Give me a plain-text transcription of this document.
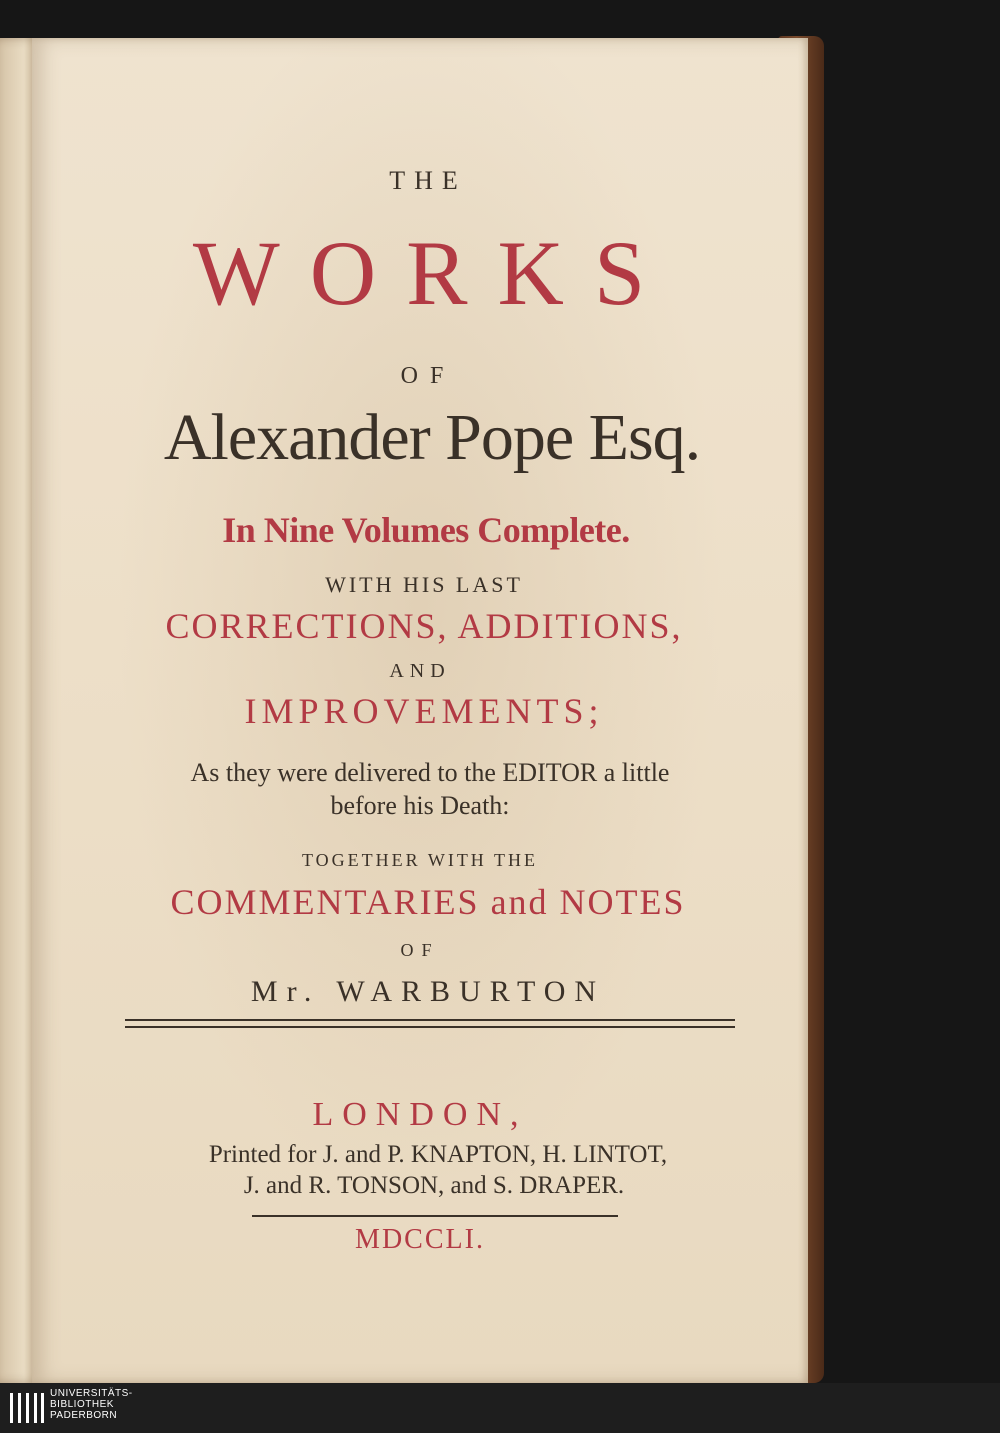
THE
WORKS
OF
Alexander Pope Esq.
In Nine Volumes Complete.
WITH HIS LAST
CORRECTIONS, ADDITIONS,
AND
IMPROVEMENTS;
As they were delivered to the EDITOR a little
before his Death:
TOGETHER WITH THE
COMMENTARIES and NOTES
OF
Mr. WARBURTON
LONDON,
Printed for J. and P. KNAPTON, H. LINTOT,
J. and R. TONSON, and S. DRAPER.
MDCCLI.
UNIVERSITÄTS-
BIBLIOTHEK
PADERBORN
